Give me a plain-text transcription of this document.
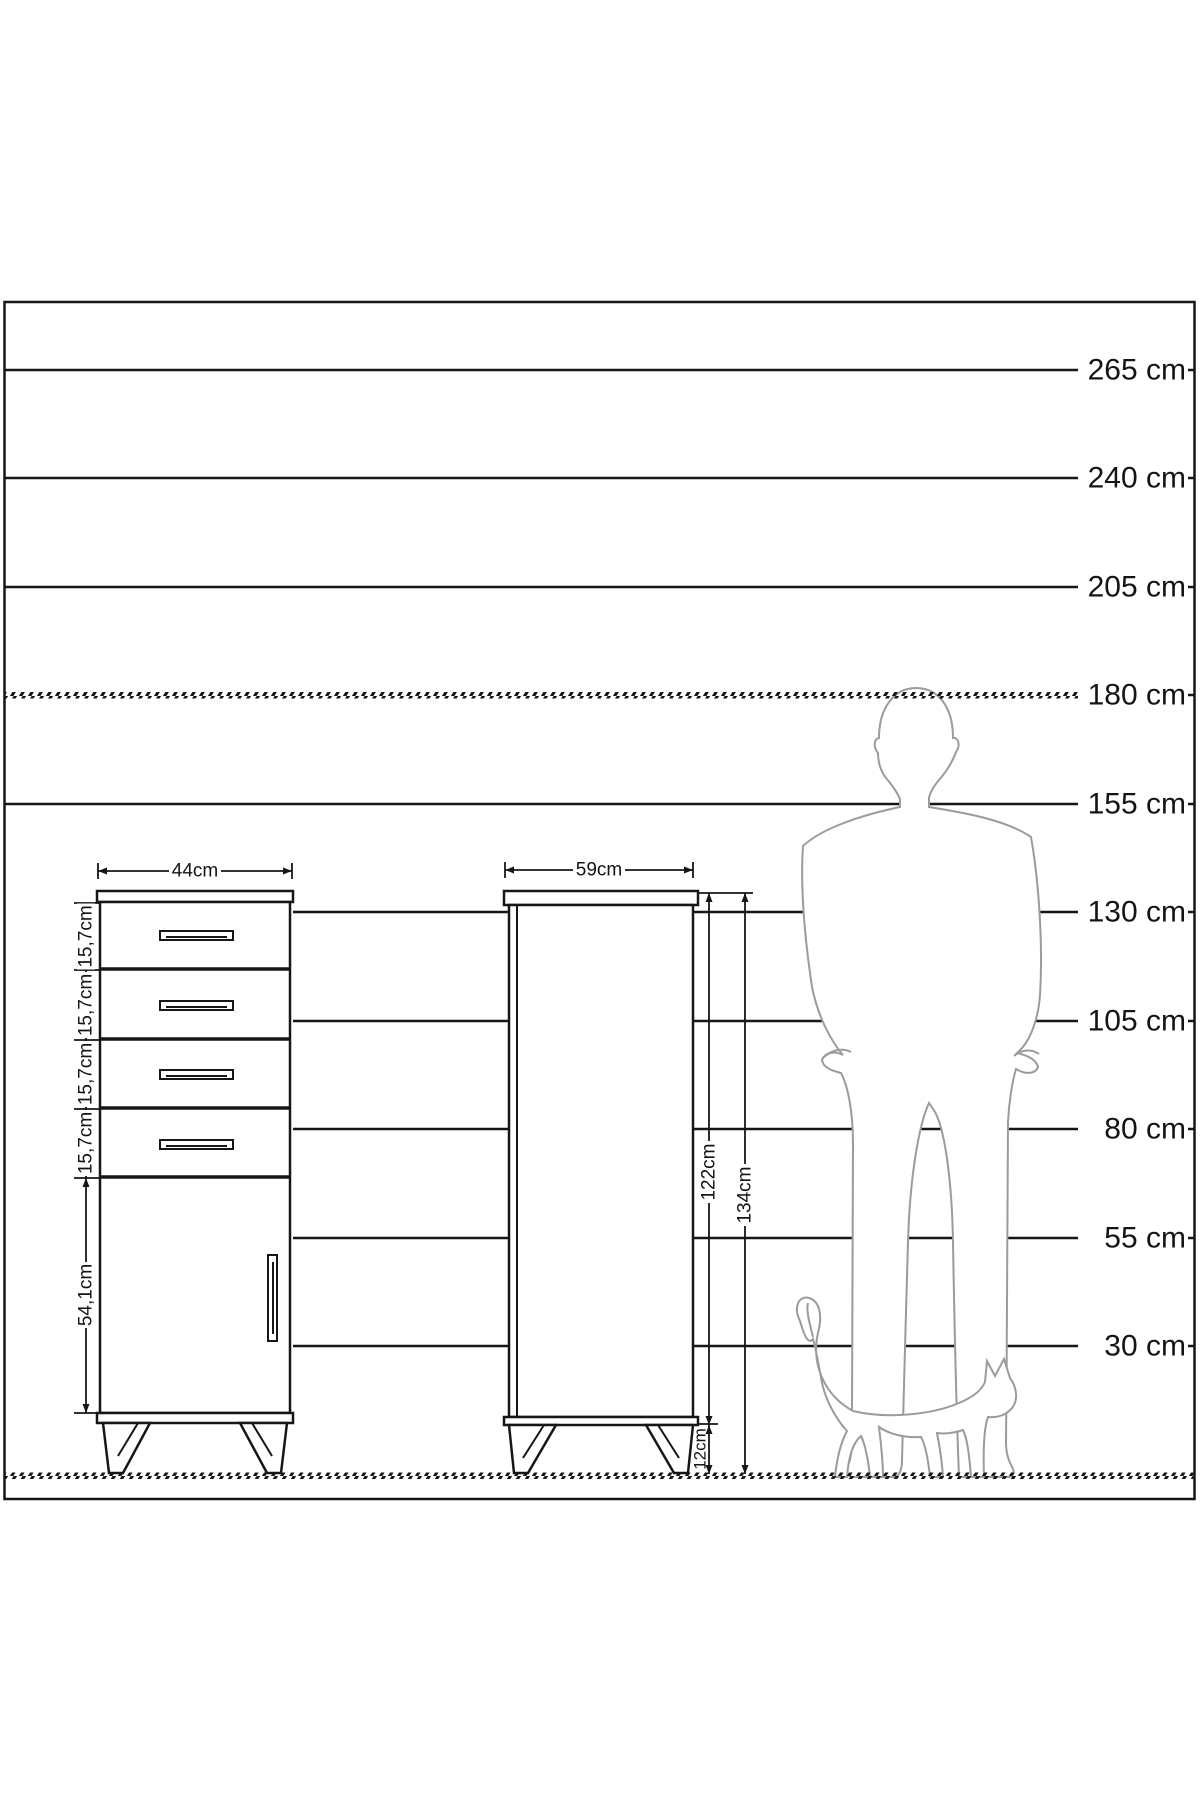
44cm	59cm
15,7cm
15,7cm
15,7cm
15,7cm
54,1cm
122cm 134cm
12cm
265 cm
240 cm
205 cm
180 cm
155 cm
130 cm
105 cm
80 cm
55 cm
30 cm
